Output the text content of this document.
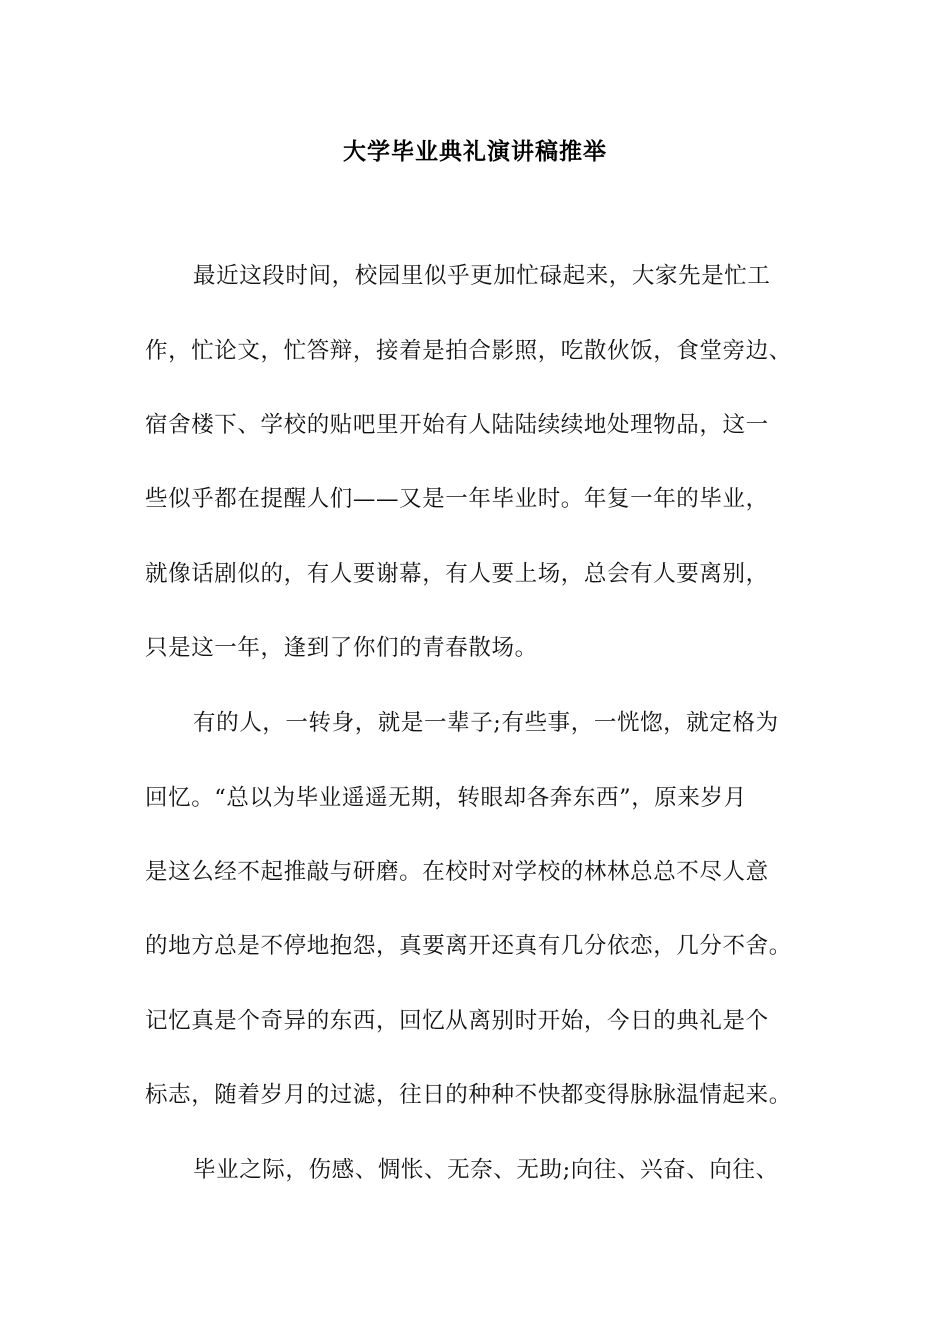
大学毕业典礼演讲稿推举
最近这段时间，校园里似乎更加忙碌起来，大家先是忙工
作，忙论文，忙答辩，接着是拍合影照，吃散伙饭，食堂旁边、
宿舍楼下、学校的贴吧里开始有人陆陆续续地处理物品，这一
些似乎都在提醒人们——又是一年毕业时。年复一年的毕业，
就像话剧似的，有人要谢幕，有人要上场，总会有人要离别，
只是这一年，逢到了你们的青春散场。
有的人，一转身，就是一辈子;有些事，一恍惚，就定格为
回忆。“总以为毕业遥遥无期，转眼却各奔东西”，原来岁月
是这么经不起推敲与研磨。在校时对学校的林林总总不尽人意
的地方总是不停地抱怨，真要离开还真有几分依恋，几分不舍。
记忆真是个奇异的东西，回忆从离别时开始，今日的典礼是个
标志，随着岁月的过滤，往日的种种不快都变得脉脉温情起来。
毕业之际，伤感、惆怅、无奈、无助;向往、兴奋、向往、
